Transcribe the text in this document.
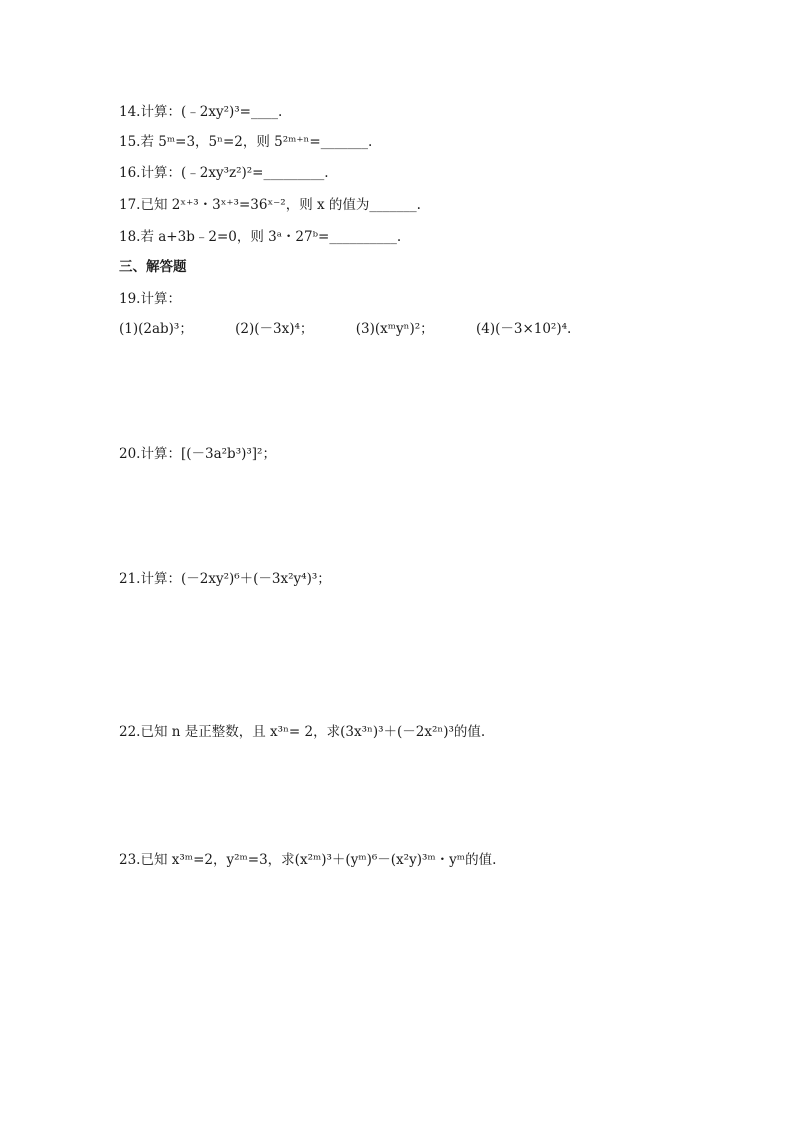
14.计算：(﹣2xy²)³=____.
15.若 5ᵐ=3，5ⁿ=2，则 5²ᵐ⁺ⁿ=_______.
16.计算：(﹣2xy³z²)²=_________.
17.已知 2ˣ⁺³・3ˣ⁺³=36ˣ⁻²，则 x 的值为_______.
18.若 a+3b﹣2=0，则 3ᵃ・27ᵇ=__________.
三、解答题
19.计算：
(1)(2ab)³；	(2)(－3x)⁴；	(3)(xᵐyⁿ)²；	(4)(－3×10²)⁴.
20.计算：[(－3a²b³)³]²；
21.计算：(－2xy²)⁶＋(－3x²y⁴)³；
22.已知 n 是正整数，且 x³ⁿ= 2，求(3x³ⁿ)³＋(－2x²ⁿ)³的值.
23.已知 x³ᵐ=2，y²ᵐ=3，求(x²ᵐ)³＋(yᵐ)⁶－(x²y)³ᵐ・yᵐ的值.
